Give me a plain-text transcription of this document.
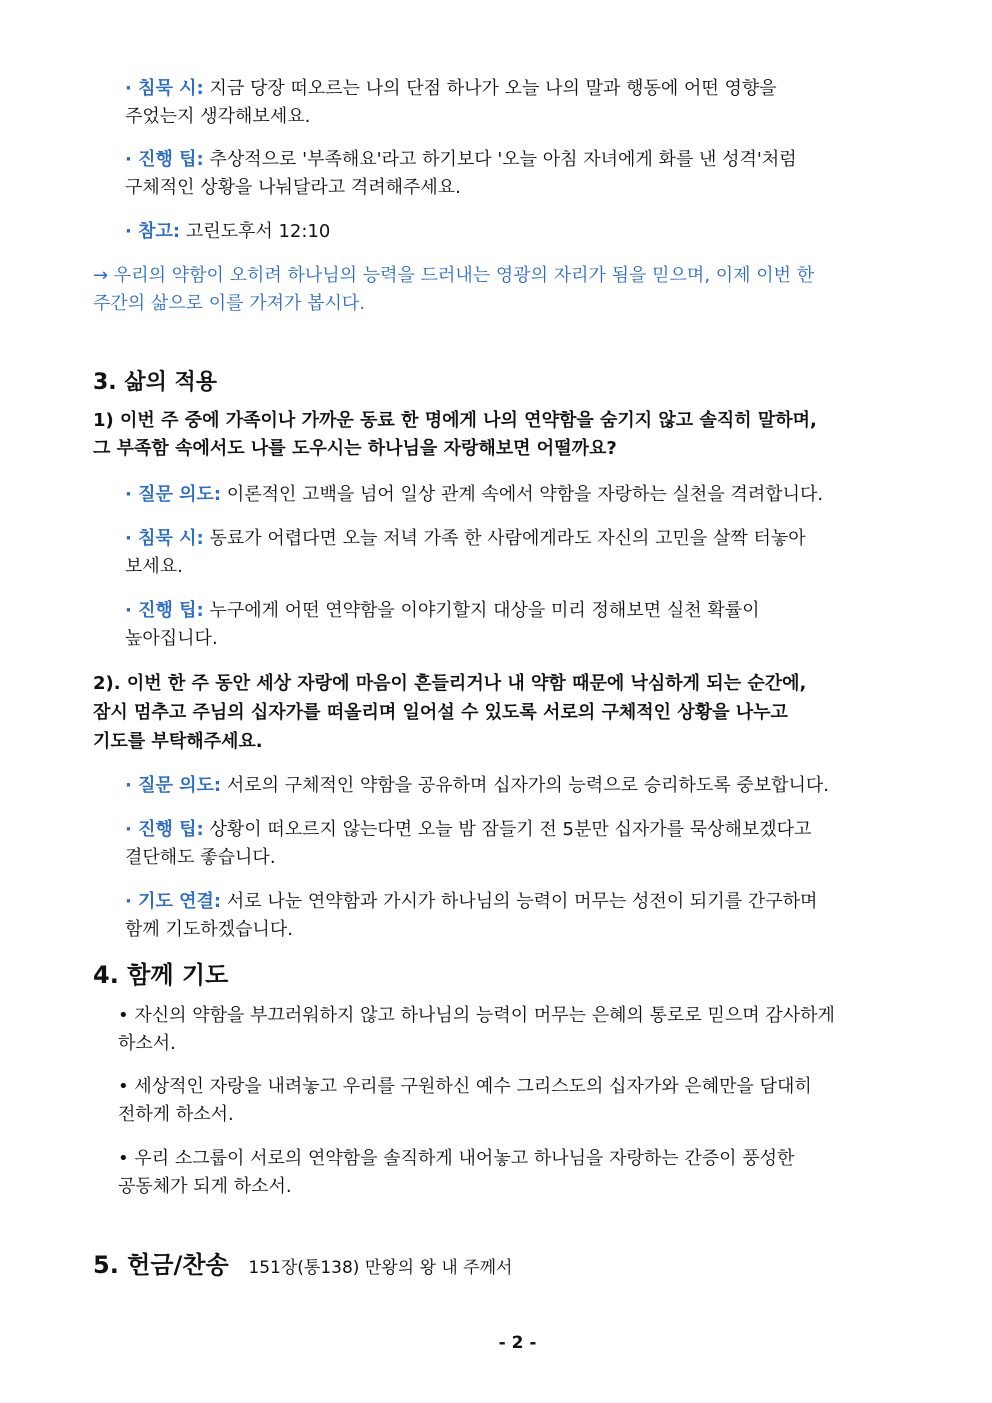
· 침묵 시: 지금 당장 떠오르는 나의 단점 하나가 오늘 나의 말과 행동에 어떤 영향을
주었는지 생각해보세요.
· 진행 팁: 추상적으로 '부족해요'라고 하기보다 '오늘 아침 자녀에게 화를 낸 성격'처럼
구체적인 상황을 나눠달라고 격려해주세요.
· 참고: 고린도후서 12:10
→ 우리의 약함이 오히려 하나님의 능력을 드러내는 영광의 자리가 됨을 믿으며, 이제 이번 한
주간의 삶으로 이를 가져가 봅시다.
3. 삶의 적용
1) 이번 주 중에 가족이나 가까운 동료 한 명에게 나의 연약함을 숨기지 않고 솔직히 말하며,
그 부족함 속에서도 나를 도우시는 하나님을 자랑해보면 어떨까요?
· 질문 의도: 이론적인 고백을 넘어 일상 관계 속에서 약함을 자랑하는 실천을 격려합니다.
· 침묵 시: 동료가 어렵다면 오늘 저녁 가족 한 사람에게라도 자신의 고민을 살짝 터놓아
보세요.
· 진행 팁: 누구에게 어떤 연약함을 이야기할지 대상을 미리 정해보면 실천 확률이
높아집니다.
2). 이번 한 주 동안 세상 자랑에 마음이 흔들리거나 내 약함 때문에 낙심하게 되는 순간에,
잠시 멈추고 주님의 십자가를 떠올리며 일어설 수 있도록 서로의 구체적인 상황을 나누고
기도를 부탁해주세요.
· 질문 의도: 서로의 구체적인 약함을 공유하며 십자가의 능력으로 승리하도록 중보합니다.
· 진행 팁: 상황이 떠오르지 않는다면 오늘 밤 잠들기 전 5분만 십자가를 묵상해보겠다고
결단해도 좋습니다.
· 기도 연결: 서로 나눈 연약함과 가시가 하나님의 능력이 머무는 성전이 되기를 간구하며
함께 기도하겠습니다.
4. 함께 기도
• 자신의 약함을 부끄러워하지 않고 하나님의 능력이 머무는 은혜의 통로로 믿으며 감사하게
하소서.
• 세상적인 자랑을 내려놓고 우리를 구원하신 예수 그리스도의 십자가와 은혜만을 담대히
전하게 하소서.
• 우리 소그룹이 서로의 연약함을 솔직하게 내어놓고 하나님을 자랑하는 간증이 풍성한
공동체가 되게 하소서.
5. 헌금/찬송 151장(통138) 만왕의 왕 내 주께서
- 2 -
